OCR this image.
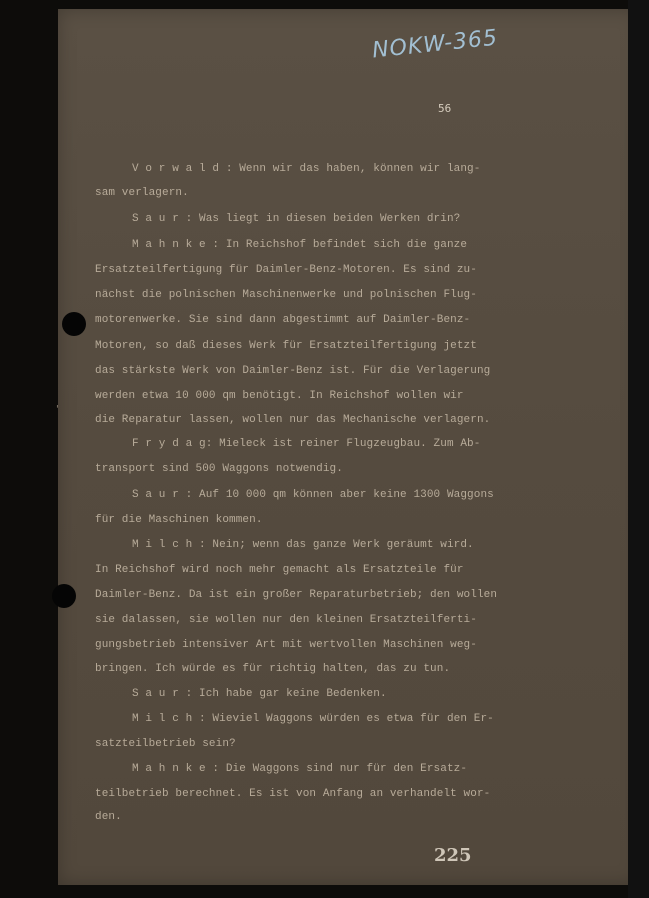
NOKW-365
56
'
V o r w a l d : Wenn wir das haben, können wir lang-
sam verlagern.
S a u r : Was liegt in diesen beiden Werken drin?
M a h n k e : In Reichshof befindet sich die ganze
Ersatzteilfertigung für Daimler-Benz-Motoren. Es sind zu-
nächst die polnischen Maschinenwerke und polnischen Flug-
motorenwerke. Sie sind dann abgestimmt auf Daimler-Benz-
Motoren, so daß dieses Werk für Ersatzteilfertigung jetzt
das stärkste Werk von Daimler-Benz ist. Für die Verlagerung
werden etwa 10 000 qm benötigt. In Reichshof wollen wir
die Reparatur lassen, wollen nur das Mechanische verlagern.
F r y d a g: Mieleck ist reiner Flugzeugbau. Zum Ab-
transport sind 500 Waggons notwendig.
S a u r : Auf 10 000 qm können aber keine 1300 Waggons
für die Maschinen kommen.
M i l c h : Nein; wenn das ganze Werk geräumt wird.
In Reichshof wird noch mehr gemacht als Ersatzteile für
Daimler-Benz. Da ist ein großer Reparaturbetrieb; den wollen
sie dalassen, sie wollen nur den kleinen Ersatzteilferti-
gungsbetrieb intensiver Art mit wertvollen Maschinen weg-
bringen. Ich würde es für richtig halten, das zu tun.
S a u r : Ich habe gar keine Bedenken.
M i l c h : Wieviel Waggons würden es etwa für den Er-
satzteilbetrieb sein?
M a h n k e : Die Waggons sind nur für den Ersatz-
teilbetrieb berechnet. Es ist von Anfang an verhandelt wor-
den.
225
